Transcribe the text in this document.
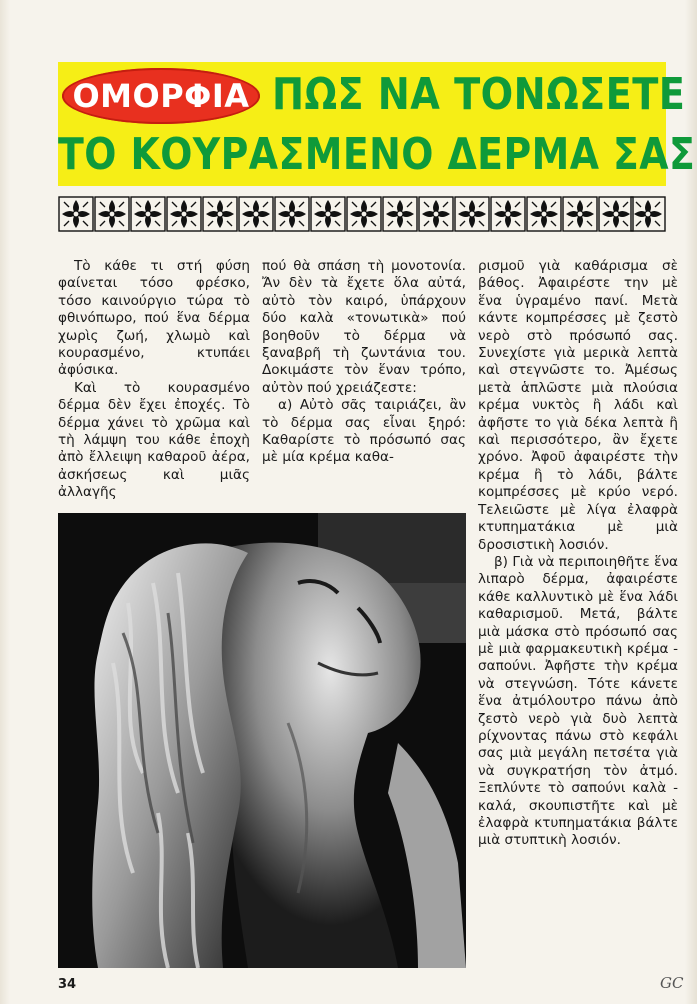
ΟΜΟΡΦΙΑ ΠΩΣ ΝΑ ΤΟΝΩΣΕΤΕ
ΤΟ ΚΟΥΡΑΣΜΕΝΟ ΔΕΡΜΑ ΣΑΣ

Τὸ κάθε τι στή φύση φαίνεται τόσο φρέσκο, τόσο καινούργιο τώρα τὸ φθινόπωρο, πού ἕνα δέρμα χωρὶς ζωή, χλωμὸ καὶ κουρασμένο, κτυπάει ἀφύσικα.

Καὶ τὸ κουρασμένο δέρμα δὲν ἔχει ἐποχές. Τὸ δέρμα χάνει τὸ χρῶμα καὶ τὴ λάμψη του κάθε ἐποχὴ ἀπὸ ἔλλειψη καθαροῦ ἀέρα, ἀσκήσεως καὶ μιᾶς ἀλλαγῆς

πού θὰ σπάση τὴ μονοτονία. Ἄν δὲν τὰ ἔχετε ὅλα αὐτά, αὐτὸ τὸν καιρό, ὑπάρχουν δύο καλὰ «τονωτικὰ» πού βοηθοῦν τὸ δέρμα νὰ ξαναβρῆ τὴ ζωντάνια του. Δοκιμάστε τὸν ἕναν τρόπο, αὐτὸν πού χρειάζεστε:

α) Αὐτὸ σᾶς ταιριάζει, ἂν τὸ δέρμα σας εἶναι ξηρό: Καθαρίστε τὸ πρόσωπό σας μὲ μία κρέμα καθα-

ρισμοῦ γιὰ καθάρισμα σὲ βάθος. Ἀφαιρέστε την μὲ ἕνα ὑγραμένο πανί. Μετὰ κάντε κομπρέσσες μὲ ζεστὸ νερὸ στὸ πρόσωπό σας. Συνεχίστε γιὰ μερικὰ λεπτὰ καὶ στεγνῶστε το. Ἀμέσως μετὰ ἁπλῶστε μιὰ πλούσια κρέμα νυκτὸς ἢ λάδι καὶ ἀφῆστε το γιὰ δέκα λεπτὰ ἢ καὶ περισσότερο, ἂν ἔχετε χρόνο. Ἀφοῦ ἀφαιρέστε τὴν κρέμα ἢ τὸ λάδι, βάλτε κομπρέσσες μὲ κρύο νερό. Τελειῶστε μὲ λίγα ἐλαφρὰ κτυπηματάκια μὲ μιὰ δροσιστικὴ λοσιόν.

β) Γιὰ νὰ περιποιηθῆτε ἕνα λιπαρὸ δέρμα, ἀφαιρέστε κάθε καλλυντικὸ μὲ ἕνα λάδι καθαρισμοῦ. Μετά, βάλτε μιὰ μάσκα στὸ πρόσωπό σας μὲ μιὰ φαρμακευτικὴ κρέμα - σαπούνι. Ἀφῆστε τὴν κρέμα νὰ στεγνώση. Τότε κάνετε ἕνα ἀτμόλουτρο πάνω ἀπὸ ζεστὸ νερὸ γιὰ δυὸ λεπτὰ ρίχνοντας πάνω στὸ κεφάλι σας μιὰ μεγάλη πετσέτα γιὰ νὰ συγκρατήση τὸν ἀτμό. Ξεπλύντε τὸ σαπούνι καλὰ - καλά, σκουπιστῆτε καὶ μὲ ἐλαφρὰ κτυπηματάκια βάλτε μιὰ στυπτικὴ λοσιόν.

34	GC
